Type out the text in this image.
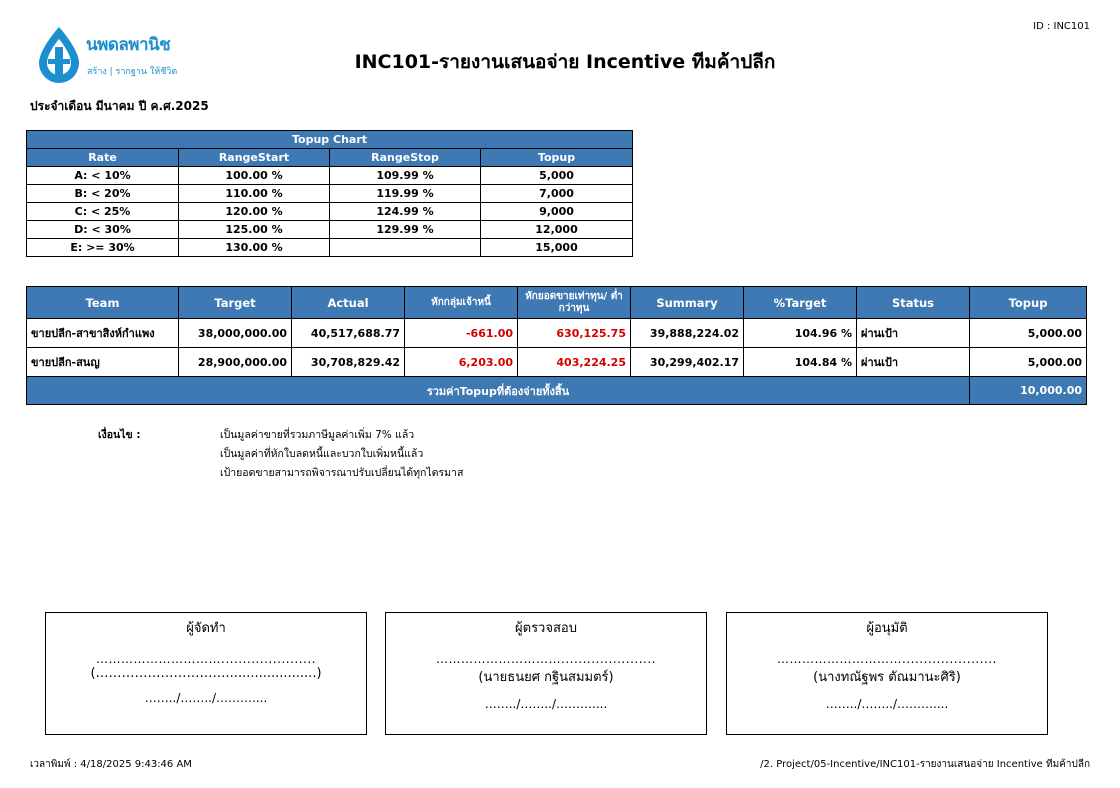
ID : INC101
นพดลพานิช
สร้าง | รากฐาน ให้ชีวิต	INC101-รายงานเสนอจ่าย Incentive ทีมค้าปลีก
ประจำเดือน มีนาคม ปี ค.ศ.2025
Topup Chart			
Rate	RangeStart	RangeStop	Topup
A: < 10%	100.00 %	109.99 %	5,000
B: < 20%	110.00 %	119.99 %	7,000
C: < 25%	120.00 %	124.99 %	9,000
D: < 30%	125.00 %	129.99 %	12,000
E: >= 30%	130.00 %		15,000
Team	Target	Actual	หักกลุ่มเจ้าหนี้	หักยอดขายเท่าทุน/ ต่ำกว่าทุน	Summary	%Target	Status	Topup
ขายปลีก-สาขาสิงห์กำแพง	38,000,000.00	40,517,688.77	-661.00	630,125.75	39,888,224.02	104.96 %	ผ่านเป้า	5,000.00
ขายปลีก-สนญ	28,900,000.00	30,708,829.42	6,203.00	403,224.25	30,299,402.17	104.84 %	ผ่านเป้า	5,000.00
รวมค่าTopupที่ต้องจ่ายทั้งสิ้น								10,000.00
เงื่อนไข :	เป็นมูลค่าขายที่รวมภาษีมูลค่าเพิ่ม 7% แล้ว
เป็นมูลค่าที่หักใบลดหนี้และบวกใบเพิ่มหนี้แล้ว
เป้ายอดขายสามารถพิจารณาปรับเปลี่ยนได้ทุกไตรมาส
ผู้จัดทำ
…………………………......................
(…………………………......................)
……../……../………....
ผู้ตรวจสอบ
…………………………......................
(นายธนยศ กฐินสมมตร์)
……../……../………....
ผู้อนุมัติ
…………………………......................
(นางทณัฐพร ตัณมานะศิริ)
……../……../………....
เวลาพิมพ์ : 4/18/2025 9:43:46 AM	/2. Project/05-Incentive/INC101-รายงานเสนอจ่าย Incentive ทีมค้าปลีก
